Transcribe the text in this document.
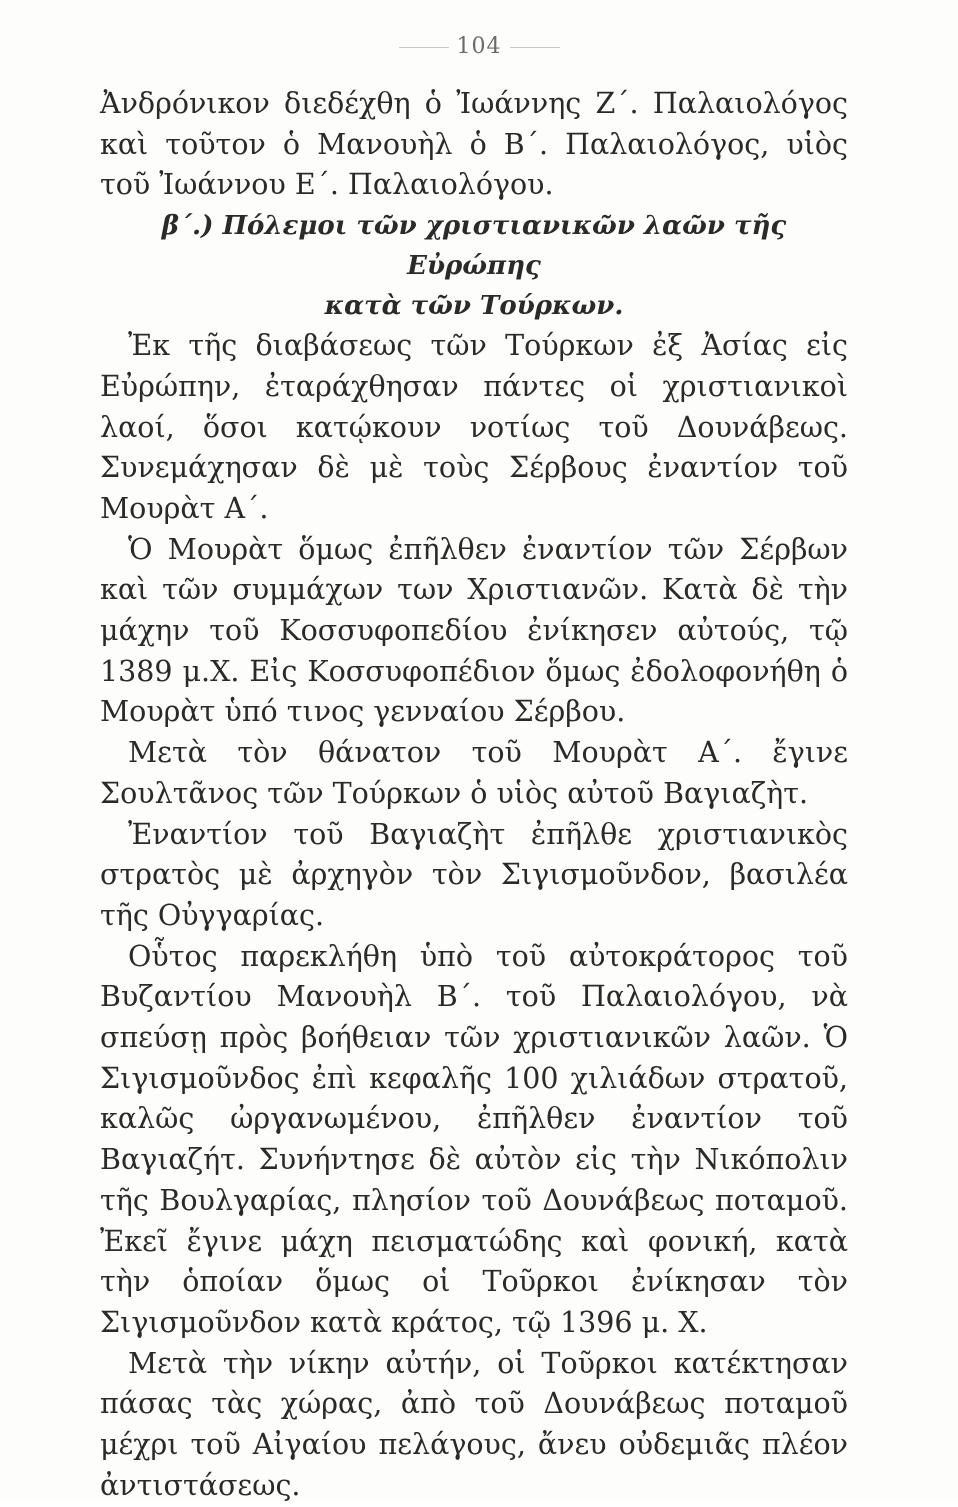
104

Ἀνδρόνικον διεδέχθη ὁ Ἰωάννης Ζ΄. Παλαιολόγος καὶ τοῦτον ὁ Μανουὴλ ὁ Β΄. Παλαιολόγος, υἱὸς τοῦ Ἰωάννου Ε΄. Παλαιολόγου.

β΄.) Πόλεμοι τῶν χριστιανικῶν λαῶν τῆς Εὐρώπης
κατὰ τῶν Τούρκων.

Ἐκ τῆς διαβάσεως τῶν Τούρκων ἐξ Ἀσίας εἰς Εὐρώπην, ἐταράχθησαν πάντες οἱ χριστιανικοὶ λαοί, ὅσοι κατῴκουν νοτίως τοῦ Δουνάβεως. Συνεμάχησαν δὲ μὲ τοὺς Σέρβους ἐναντίον τοῦ Μουρὰτ Α΄.

Ὁ Μουρὰτ ὅμως ἐπῆλθεν ἐναντίον τῶν Σέρβων καὶ τῶν συμμάχων των Χριστιανῶν. Κατὰ δὲ τὴν μάχην τοῦ Κοσσυφοπεδίου ἐνίκησεν αὐτούς, τῷ 1389 μ.Χ. Εἰς Κοσσυφοπέδιον ὅμως ἐδολοφονήθη ὁ Μουρὰτ ὑπό τινος γενναίου Σέρβου.

Μετὰ τὸν θάνατον τοῦ Μουρὰτ Α΄. ἔγινε Σουλτᾶνος τῶν Τούρκων ὁ υἱὸς αὐτοῦ Βαγιαζὴτ.

Ἐναντίον τοῦ Βαγιαζὴτ ἐπῆλθε χριστιανικὸς στρατὸς μὲ ἀρχηγὸν τὸν Σιγισμοῦνδον, βασιλέα τῆς Οὐγγαρίας.

Οὗτος παρεκλήθη ὑπὸ τοῦ αὐτοκράτορος τοῦ Βυζαντίου Μανουὴλ Β΄. τοῦ Παλαιολόγου, νὰ σπεύσῃ πρὸς βοήθειαν τῶν χριστιανικῶν λαῶν. Ὁ Σιγισμοῦνδος ἐπὶ κεφαλῆς 100 χιλιάδων στρατοῦ, καλῶς ὠργανωμένου, ἐπῆλθεν ἐναντίον τοῦ Βαγιαζήτ. Συνήντησε δὲ αὐτὸν εἰς τὴν Νικόπολιν τῆς Βουλγαρίας, πλησίον τοῦ Δουνάβεως ποταμοῦ. Ἐκεῖ ἔγινε μάχη πεισματώδης καὶ φονική, κατὰ τὴν ὁποίαν ὅμως οἱ Τοῦρκοι ἐνίκησαν τὸν Σιγισμοῦνδον κατὰ κράτος, τῷ 1396 μ. Χ.

Μετὰ τὴν νίκην αὐτήν, οἱ Τοῦρκοι κατέκτησαν πάσας τὰς χώρας, ἀπὸ τοῦ Δουνάβεως ποταμοῦ μέχρι τοῦ Αἰγαίου πελάγους, ἄνευ οὐδεμιᾶς πλέον ἀντιστάσεως.
